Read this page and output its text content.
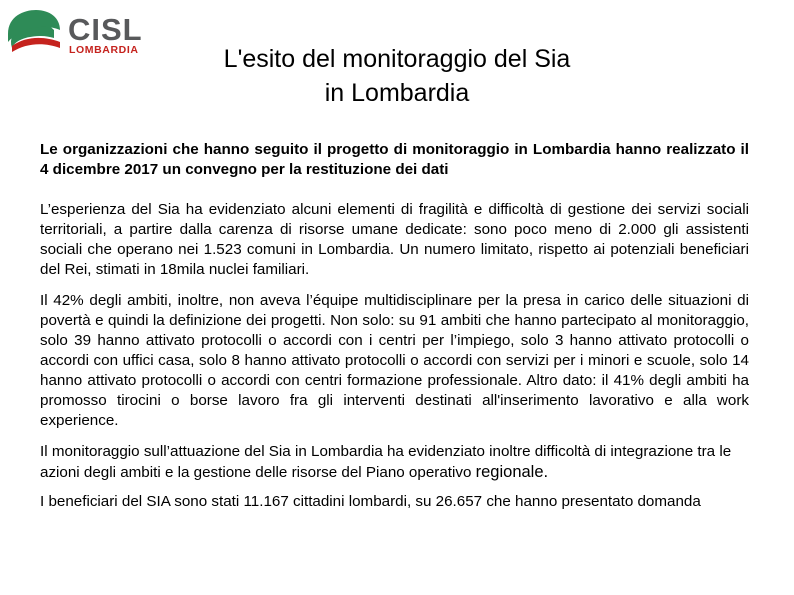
CISL
LOMBARDIA	L'esito del monitoraggio del Sia
in Lombardia

Le organizzazioni che hanno seguito il progetto di monitoraggio in Lombardia hanno realizzato il 4 dicembre 2017 un convegno per la restituzione dei dati

L’esperienza del Sia ha evidenziato alcuni elementi di fragilità e difficoltà di gestione dei servizi sociali territoriali, a partire dalla carenza di risorse umane dedicate: sono poco meno di 2.000 gli assistenti sociali che operano nei 1.523 comuni in Lombardia. Un numero limitato, rispetto ai potenziali beneficiari del Rei, stimati in 18mila nuclei familiari.

Il 42% degli ambiti, inoltre, non aveva l’équipe multidisciplinare per la presa in carico delle situazioni di povertà e quindi la definizione dei progetti. Non solo: su 91 ambiti che hanno partecipato al monitoraggio, solo 39 hanno attivato protocolli o accordi con i centri per l’impiego, solo 3 hanno attivato protocolli o accordi con uffici casa, solo 8 hanno attivato protocolli o accordi con servizi per i minori e scuole, solo 14 hanno attivato protocolli o accordi con centri formazione professionale. Altro dato: il 41% degli ambiti ha promosso tirocini o borse lavoro fra gli interventi destinati all'inserimento lavorativo e alla work experience.

Il monitoraggio sull’attuazione del Sia in Lombardia ha evidenziato inoltre difficoltà di integrazione tra le azioni degli ambiti e la gestione delle risorse del Piano operativo regionale.

I beneficiari del SIA sono stati 11.167 cittadini lombardi, su 26.657 che hanno presentato domanda
